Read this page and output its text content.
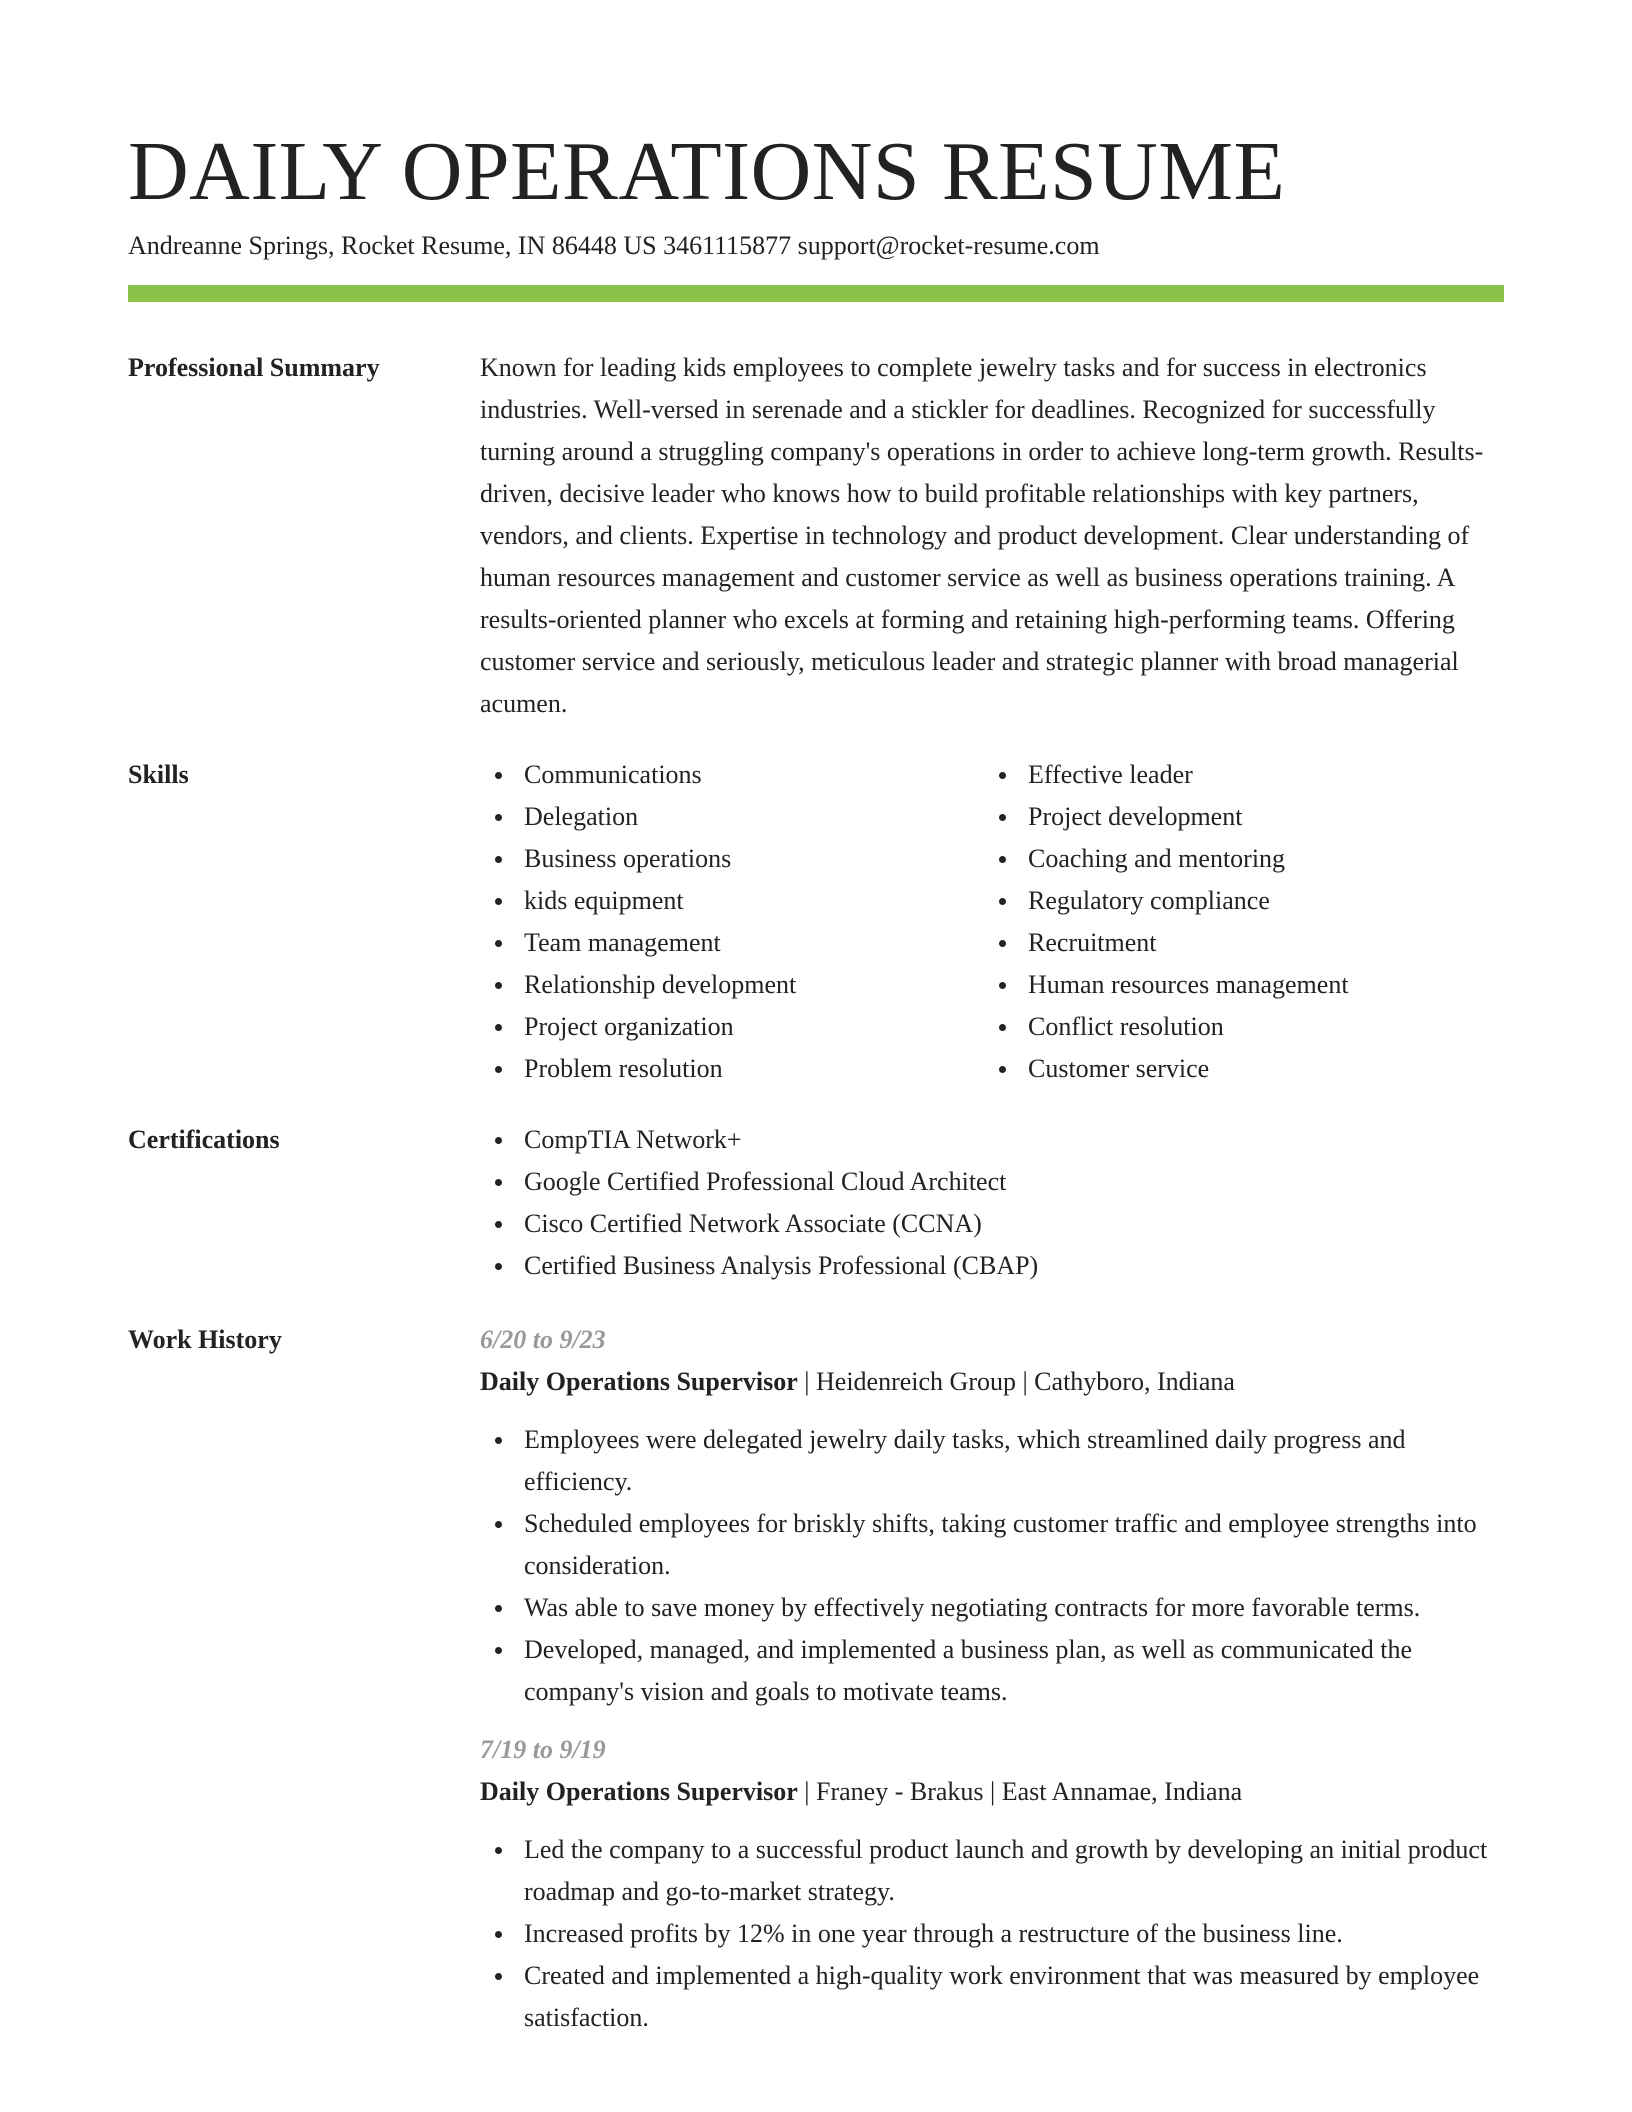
DAILY OPERATIONS RESUME
Andreanne Springs, Rocket Resume, IN 86448 US 3461115877 support@rocket-resume.com
Professional Summary	Known for leading kids employees to complete jewelry tasks and for success in electronics industries. Well-versed in serenade and a stickler for deadlines. Recognized for successfully turning around a struggling company's operations in order to achieve long-term growth. Results-driven, decisive leader who knows how to build profitable relationships with key partners, vendors, and clients. Expertise in technology and product development. Clear understanding of human resources management and customer service as well as business operations training. A results-oriented planner who excels at forming and retaining high-performing teams. Offering customer service and seriously, meticulous leader and strategic planner with broad managerial acumen.

Skills	Communications
Delegation
Business operations
kids equipment
Team management
Relationship development
Project organization
Problem resolution
Effective leader
Project development
Coaching and mentoring
Regulatory compliance
Recruitment
Human resources management
Conflict resolution
Customer service
Certifications	CompTIA Network+
Google Certified Professional Cloud Architect
Cisco Certified Network Associate (CCNA)
Certified Business Analysis Professional (CBAP)
Work History	6/20 to 9/23
Daily Operations Supervisor | Heidenreich Group | Cathyboro, Indiana
Employees were delegated jewelry daily tasks, which streamlined daily progress and efficiency.
Scheduled employees for briskly shifts, taking customer traffic and employee strengths into consideration.
Was able to save money by effectively negotiating contracts for more favorable terms.
Developed, managed, and implemented a business plan, as well as communicated the company's vision and goals to motivate teams.
7/19 to 9/19
Daily Operations Supervisor | Franey - Brakus | East Annamae, Indiana
Led the company to a successful product launch and growth by developing an initial product roadmap and go-to-market strategy.
Increased profits by 12% in one year through a restructure of the business line.
Created and implemented a high-quality work environment that was measured by employee satisfaction.
